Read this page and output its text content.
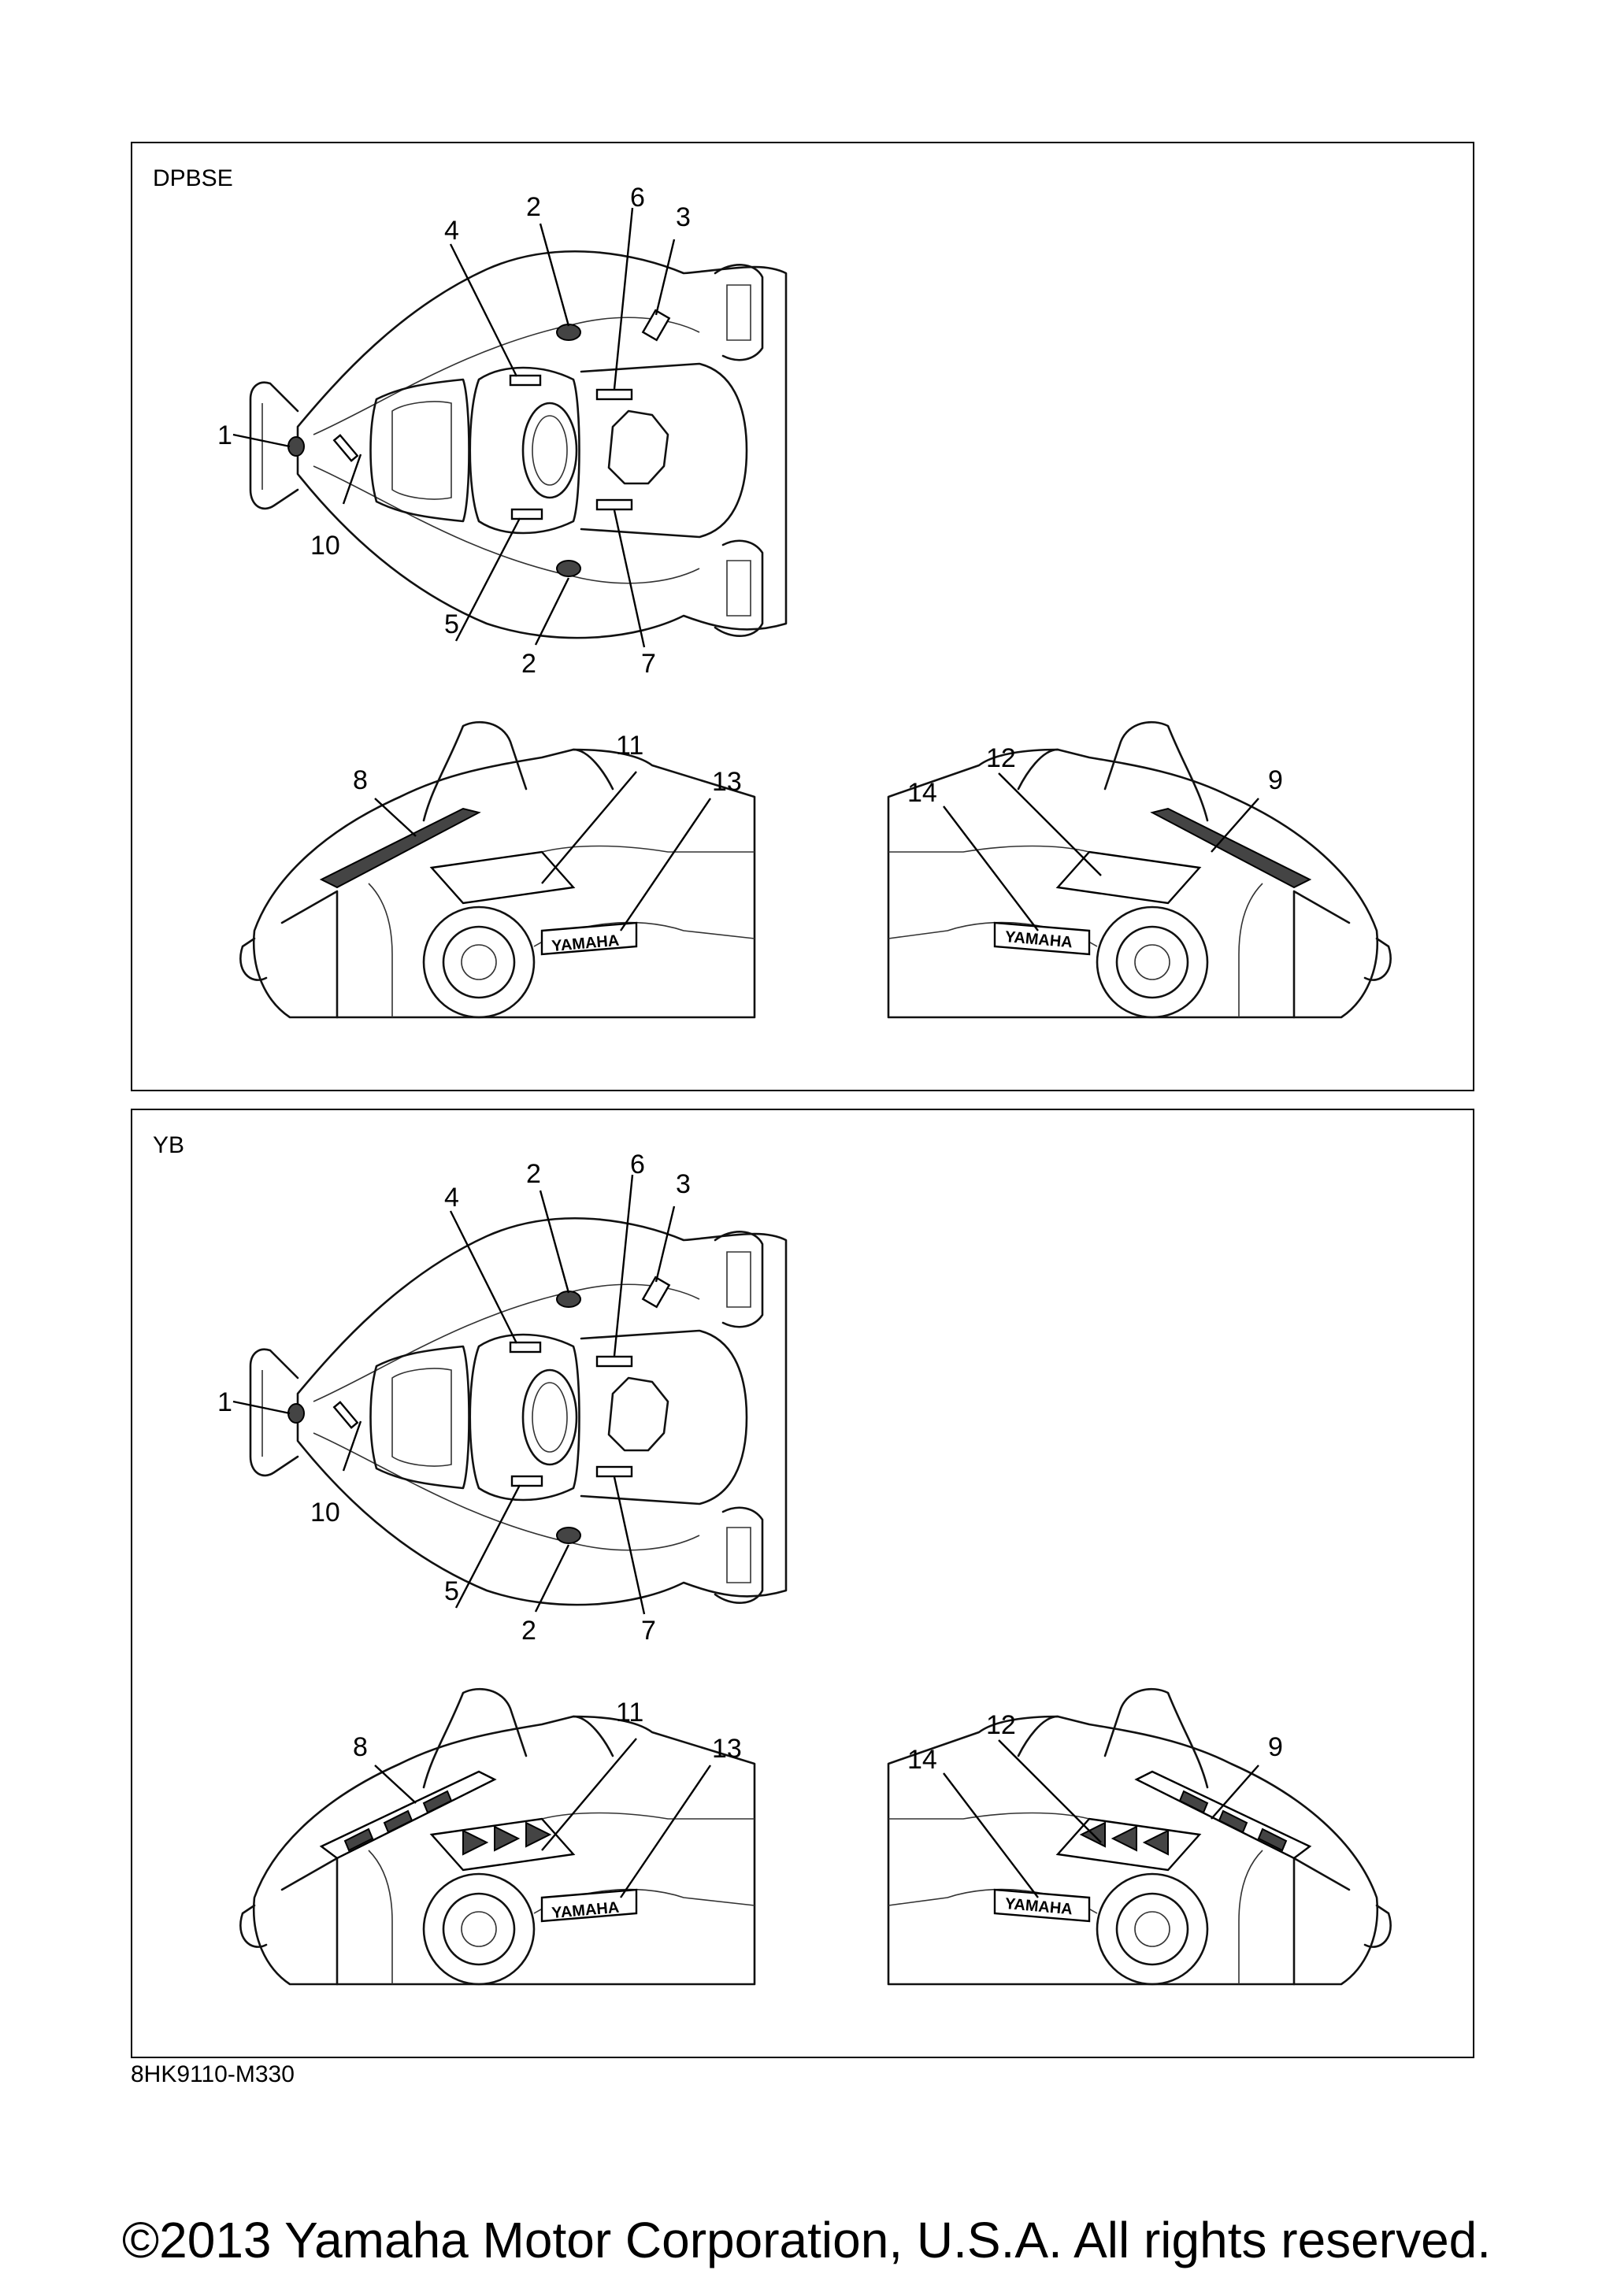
DPBSE
1
2
2
3
4
5
6
7
10
YAMAHA
8
11
13
YAMAHA
9
12
14
YB
1
2
2
3
4
5
6
7
10
YAMAHA
8
11
13
YAMAHA
9
12
14
8HK9110-M330
©2013 Yamaha Motor Corporation, U.S.A. All rights reserved.
